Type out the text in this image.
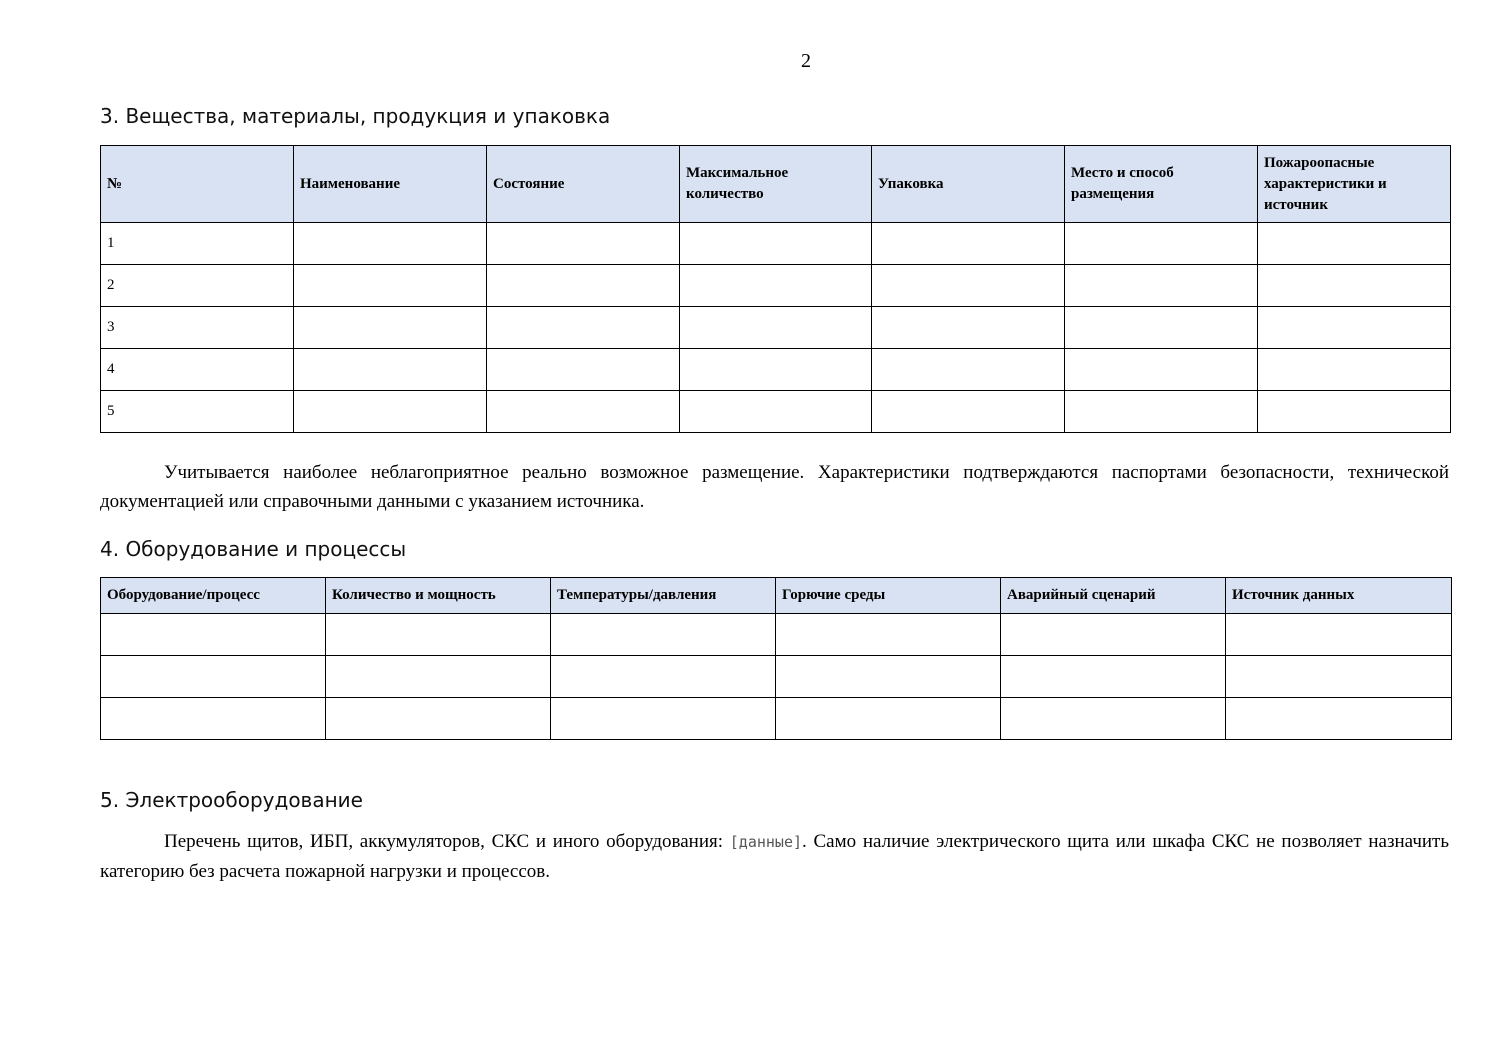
2
3. Вещества, материалы, продукция и упаковка
№	Наименование	Состояние	Максимальное количество	Упаковка	Место и способ размещения	Пожароопасные характеристики и источник
1						
2						
3						
4						
5						

Учитывается наиболее неблагоприятное реально возможное размещение. Характеристики подтверждаются паспортами безопасности, технической документацией или справочными данными с указанием источника.

4. Оборудование и процессы
Оборудование/процесс	Количество и мощность	Температуры/давления	Горючие среды	Аварийный сценарий	Источник данных

5. Электрооборудование

Перечень щитов, ИБП, аккумуляторов, СКС и иного оборудования: [данные]. Само наличие электрического щита или шкафа СКС не позволяет назначить категорию без расчета пожарной нагрузки и процессов.
